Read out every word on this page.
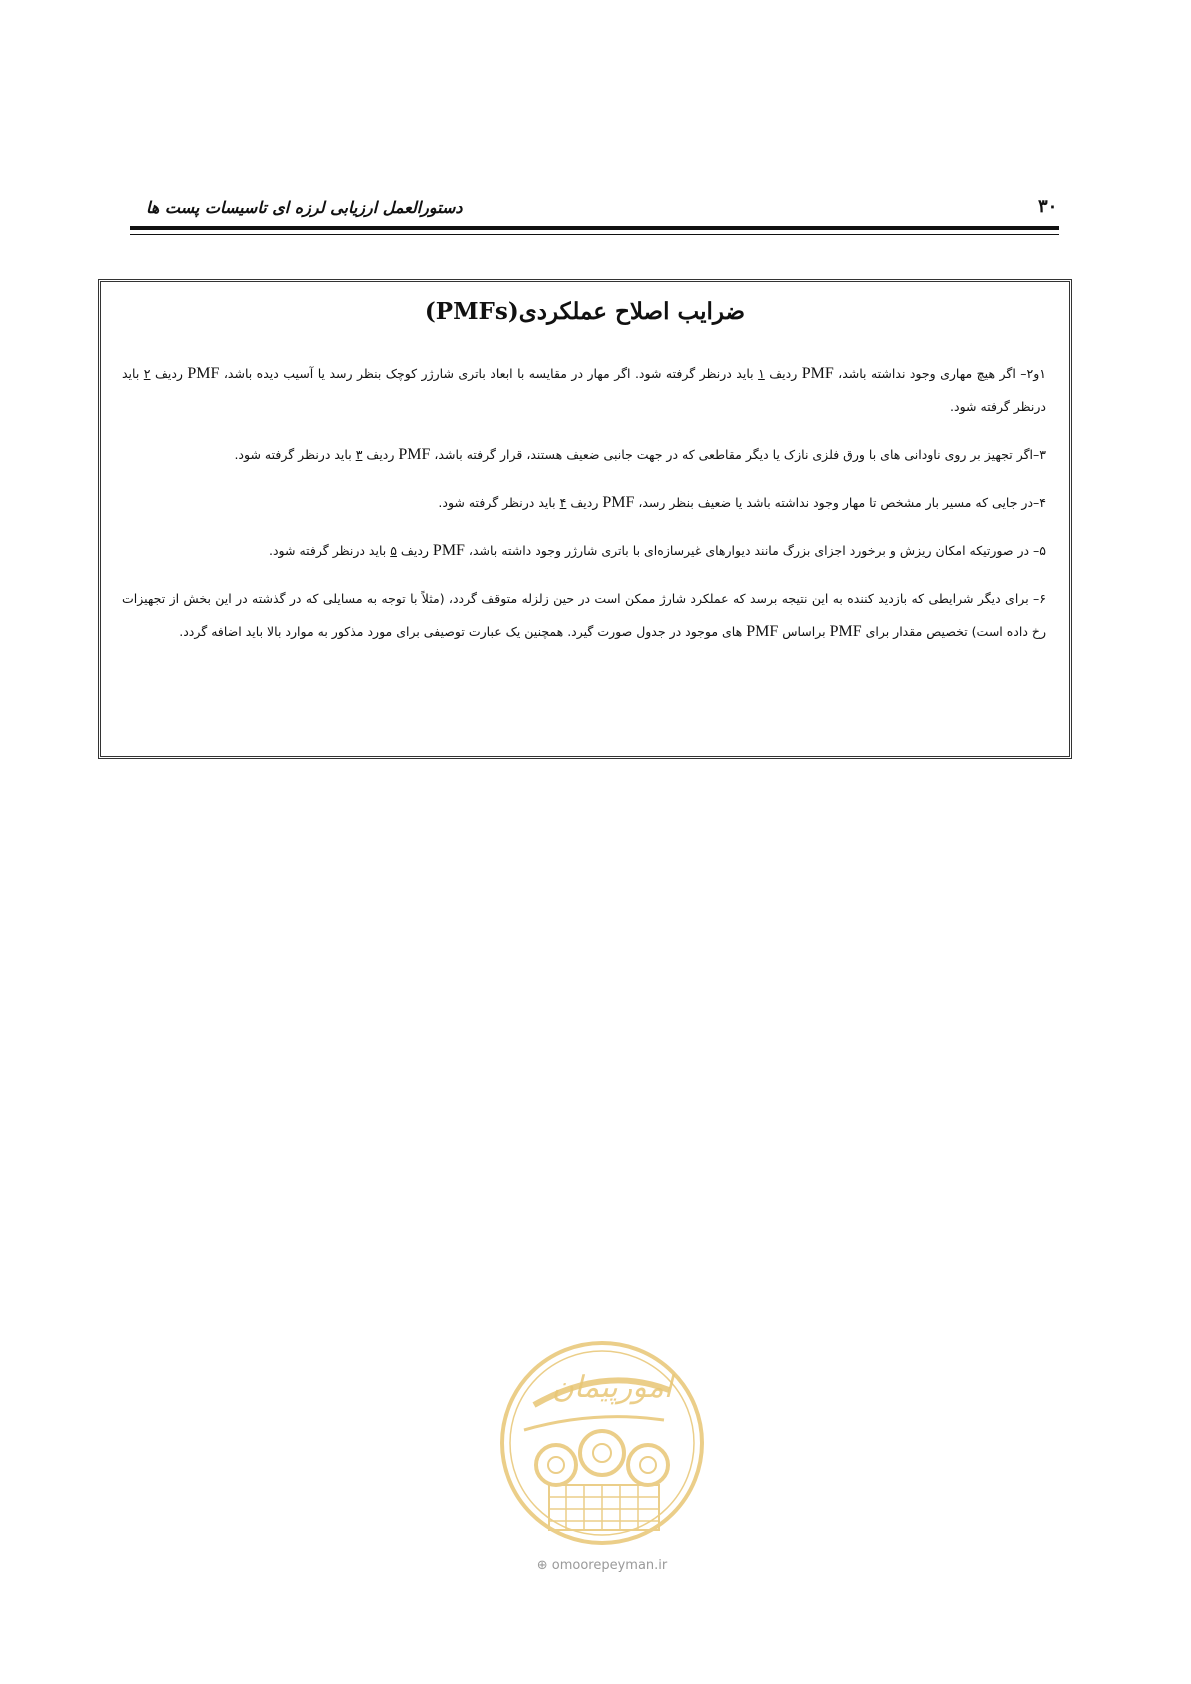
۳۰
دستورالعمل ارزیابی لرزه ای تاسیسات پست ها
ضرایب اصلاح عملکردی(PMFs)

۱و۲– اگر هیچ مهاری وجود نداشته باشد، PMF ردیف ۱ باید درنظر گرفته شود. اگر مهار در مقایسه با ابعاد باتری شارژر کوچک بنظر رسد یا آسیب دیده باشد، PMF ردیف ۲ باید درنظر گرفته شود.

۳–اگر تجهیز بر روی ناودانی های با ورق فلزی نازک یا دیگر مقاطعی که در جهت جانبی ضعیف هستند، قرار گرفته باشد، PMF ردیف ۳ باید درنظر گرفته شود.

۴–در جایی که مسیر بار مشخص تا مهار وجود نداشته باشد یا ضعیف بنظر رسد، PMF ردیف ۴ باید درنظر گرفته شود.

۵– در صورتیکه امکان ریزش و برخورد اجزای بزرگ مانند دیوارهای غیرسازه‌ای با باتری شارژر وجود داشته باشد، PMF ردیف ۵ باید درنظر گرفته شود.

۶– برای دیگر شرایطی که بازدید کننده به این نتیجه برسد که عملکرد شارژ ممکن است در حین زلزله متوقف گردد، (مثلاً با توجه به مسایلی که در گذشته در این بخش از تجهیزات رخ داده است) تخصیص مقدار برای PMF براساس PMF های موجود در جدول صورت گیرد. همچنین یک عبارت توصیفی برای مورد مذکور به موارد بالا باید اضافه گردد.

امورپیمان
⊕ omoorepeyman.ir
